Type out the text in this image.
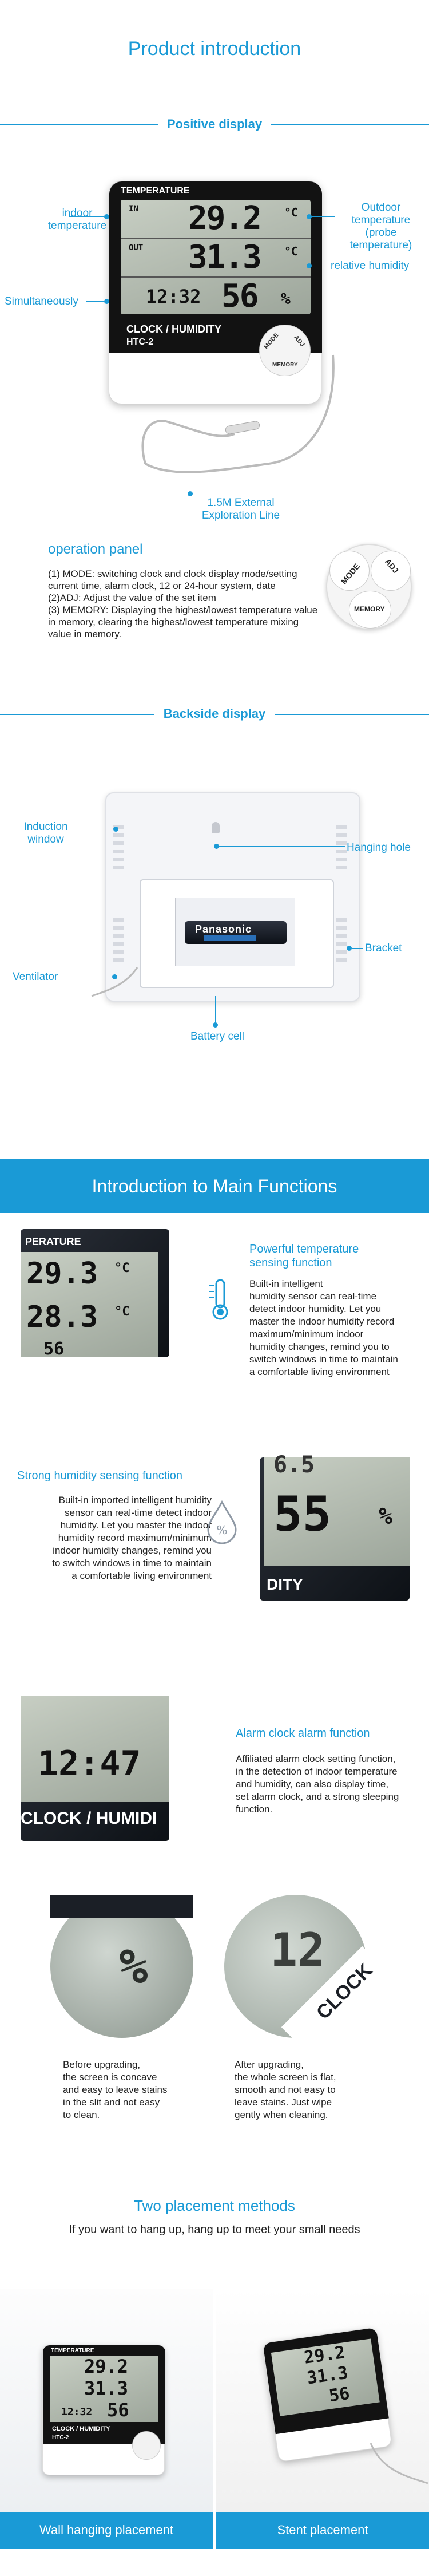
Product introduction
Positive display
TEMPERATURE
IN 29.2 °C
OUT 31.3 °C
12:32 56 %
CLOCK / HUMIDITY
HTC-2	MODE ADJ
MEMORY
indoor
temperature
Outdoor
temperature
(probe temperature)
relative humidity
Simultaneously
1.5M External
Exploration Line
operation panel
(1) MODE: switching clock and clock display mode/setting current time, alarm clock, 12 or 24-hour system, date
(2)ADJ: Adjust the value of the set item
(3) MEMORY: Displaying the highest/lowest temperature value in memory, clearing the highest/lowest temperature mixing value in memory.
MODE	ADJ
MEMORY
Backside display
Panasonic
Induction
window
Hanging hole
Bracket
Ventilator
Battery cell
Introduction to Main Functions
29.3 °C
28.3 °C
56
PERATURE
Powerful temperature
sensing function
Built-in intelligent
humidity sensor can real-time
detect indoor humidity. Let you
master the indoor humidity record
maximum/minimum indoor
humidity changes, remind you to
switch windows in time to maintain
a comfortable living environment
Strong humidity sensing function
Built-in imported intelligent humidity
sensor can real-time detect indoor
humidity. Let you master the indoor
humidity record maximum/minimum
indoor humidity changes, remind you
to switch windows in time to maintain
a comfortable living environment
%
6.5
55 %
DITY
12:47
CLOCK / HUMIDI
Alarm clock alarm function
Affiliated alarm clock setting function,
in the detection of indoor temperature
and humidity, can also display time,
set alarm clock, and a strong sleeping
function.
%	12
CLOCK
Before upgrading,
the screen is concave
and easy to leave stains
in the slit and not easy
to clean.
After upgrading,
the whole screen is flat,
smooth and not easy to
leave stains. Just wipe
gently when cleaning.
Two placement methods
If you want to hang up, hang up to meet your small needs
TEMPERATURE
29.2
31.3
12:32 56
CLOCK / HUMIDITY
HTC-2
29.2
31.3
56
Wall hanging placement	Stent placement
